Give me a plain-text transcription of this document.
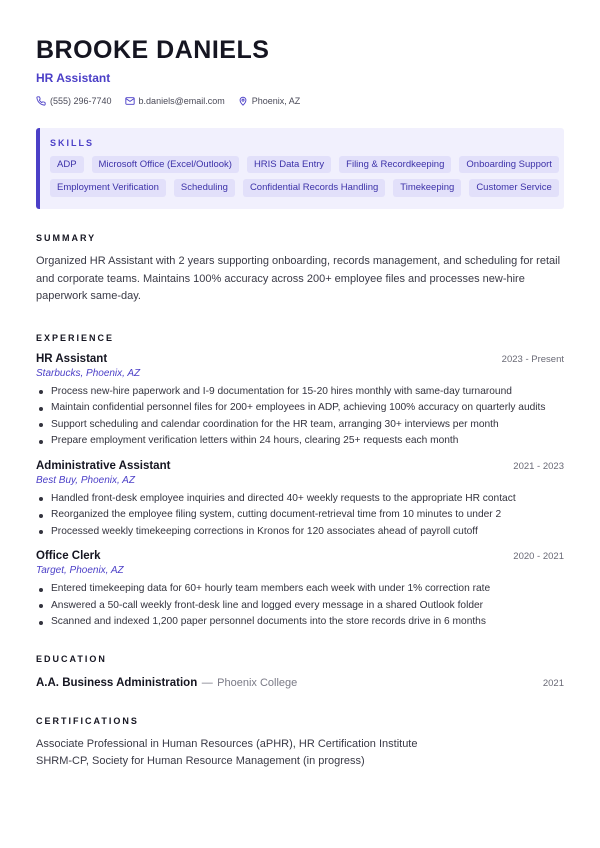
BROOKE DANIELS
HR Assistant
(555) 296-7740	b.daniels@email.com	Phoenix, AZ
SKILLS
ADP	Microsoft Office (Excel/Outlook)	HRIS Data Entry	Filing & Recordkeeping	Onboarding Support
Employment Verification	Scheduling	Confidential Records Handling	Timekeeping	Customer Service
SUMMARY

Organized HR Assistant with 2 years supporting onboarding, records management, and scheduling for retail and corporate teams. Maintains 100% accuracy across 200+ employee files and processes new-hire paperwork same-day.

EXPERIENCE
HR Assistant	2023 - Present
Starbucks, Phoenix, AZ
Process new-hire paperwork and I-9 documentation for 15-20 hires monthly with same-day turnaround
Maintain confidential personnel files for 200+ employees in ADP, achieving 100% accuracy on quarterly audits
Support scheduling and calendar coordination for the HR team, arranging 30+ interviews per month
Prepare employment verification letters within 24 hours, clearing 25+ requests each month
Administrative Assistant	2021 - 2023
Best Buy, Phoenix, AZ
Handled front-desk employee inquiries and directed 40+ weekly requests to the appropriate HR contact
Reorganized the employee filing system, cutting document-retrieval time from 10 minutes to under 2
Processed weekly timekeeping corrections in Kronos for 120 associates ahead of payroll cutoff
Office Clerk	2020 - 2021
Target, Phoenix, AZ
Entered timekeeping data for 60+ hourly team members each week with under 1% correction rate
Answered a 50-call weekly front-desk line and logged every message in a shared Outlook folder
Scanned and indexed 1,200 paper personnel documents into the store records drive in 6 months
EDUCATION
A.A. Business Administration — Phoenix College	2021
CERTIFICATIONS
Associate Professional in Human Resources (aPHR), HR Certification Institute
SHRM-CP, Society for Human Resource Management (in progress)
